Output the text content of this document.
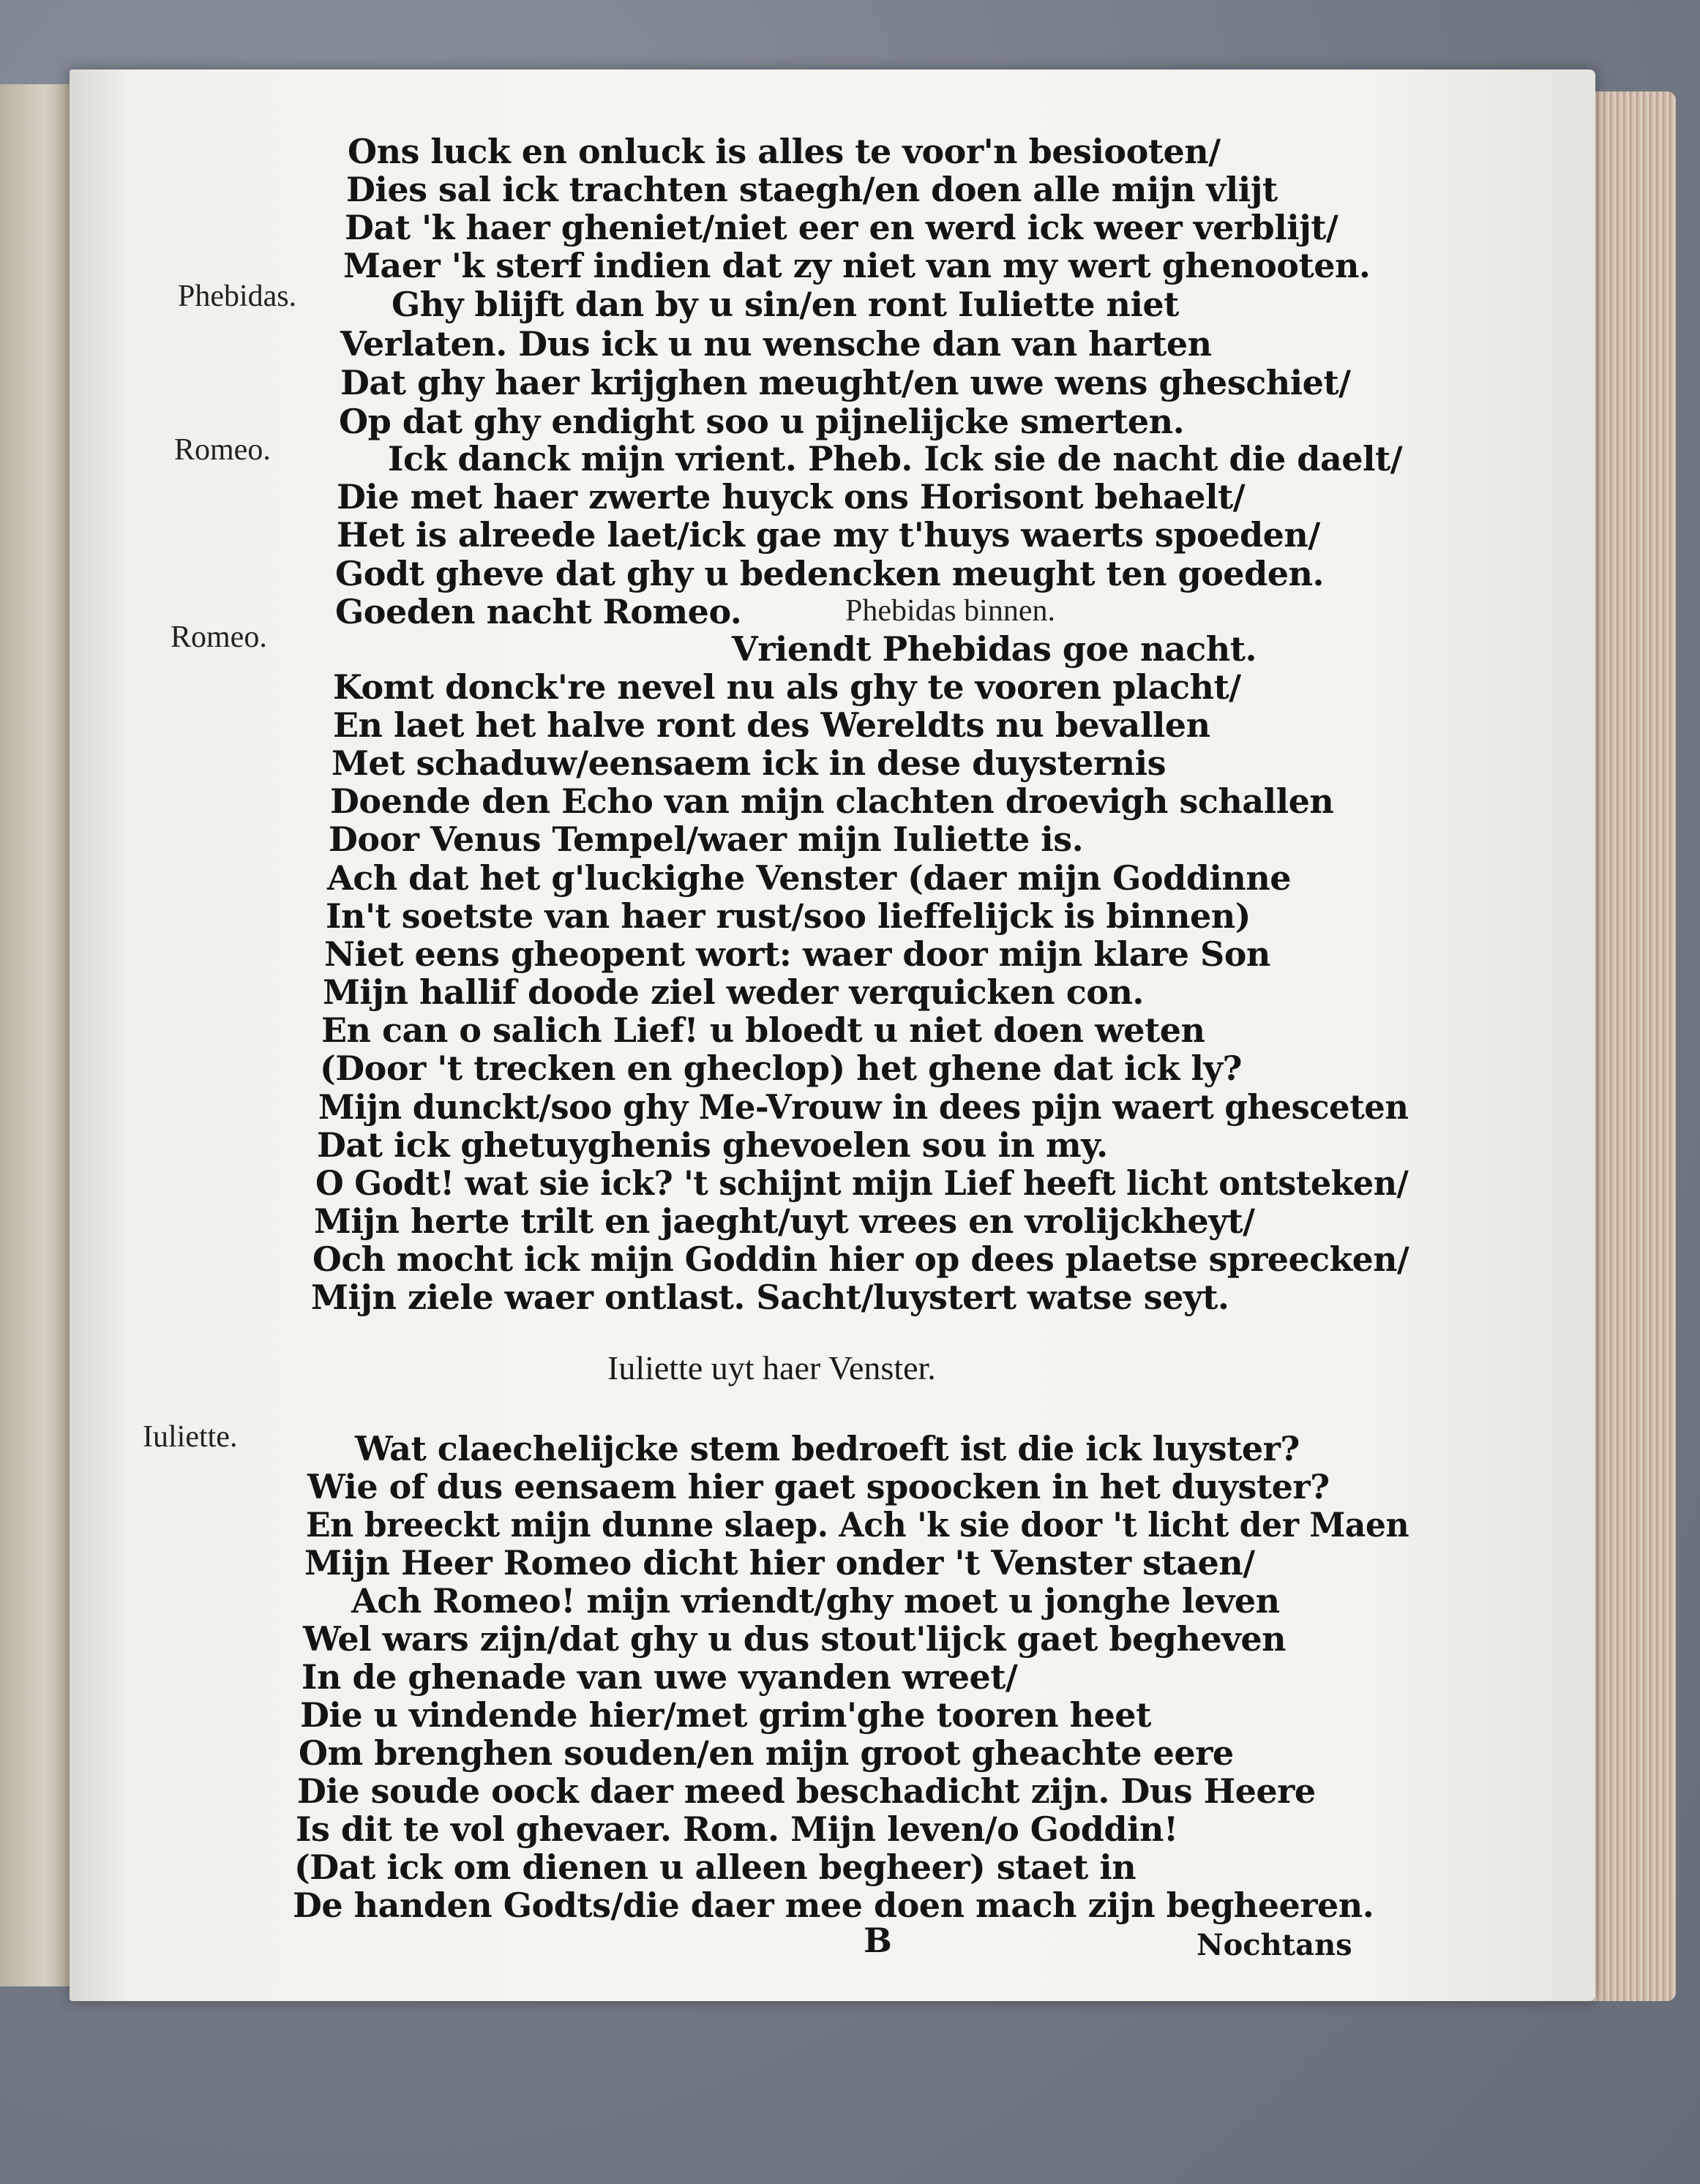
Ons luck en onluck is alles te voor'n besiooten/
Dies sal ick trachten staegh/en doen alle mijn vlijt
Dat 'k haer gheniet/niet eer en werd ick weer verblijt/
Maer 'k sterf indien dat zy niet van my wert ghenooten.
Phebidas.	Ghy blijft dan by u sin/en ront Iuliette niet
Verlaten. Dus ick u nu wensche dan van harten
Dat ghy haer krijghen meught/en uwe wens gheschiet/
Op dat ghy endight soo u pijnelijcke smerten.
Romeo.	Ick danck mijn vrient. Pheb. Ick sie de nacht die daelt/
Die met haer zwerte huyck ons Horisont behaelt/
Het is alreede laet/ick gae my t'huys waerts spoeden/
Godt gheve dat ghy u bedencken meught ten goeden.
Goeden nacht Romeo.	Phebidas binnen.
Romeo.	Vriendt Phebidas goe nacht.
Komt donck're nevel nu als ghy te vooren placht/
En laet het halve ront des Wereldts nu bevallen
Met schaduw/eensaem ick in dese duysternis
Doende den Echo van mijn clachten droevigh schallen
Door Venus Tempel/waer mijn Iuliette is.
Ach dat het g'luckighe Venster (daer mijn Goddinne
In't soetste van haer rust/soo lieffelijck is binnen)
Niet eens gheopent wort: waer door mijn klare Son
Mijn hallif doode ziel weder verquicken con.
En can o salich Lief! u bloedt u niet doen weten
(Door 't trecken en gheclop) het ghene dat ick ly?
Mijn dunckt/soo ghy Me-Vrouw in dees pijn waert ghesceten
Dat ick ghetuyghenis ghevoelen sou in my.
O Godt! wat sie ick? 't schijnt mijn Lief heeft licht ontsteken/
Mijn herte trilt en jaeght/uyt vrees en vrolijckheyt/
Och mocht ick mijn Goddin hier op dees plaetse spreecken/
Mijn ziele waer ontlast. Sacht/luystert watse seyt.
Iuliette uyt haer Venster.
Iuliette.	Wat claechelijcke stem bedroeft ist die ick luyster?
Wie of dus eensaem hier gaet spoocken in het duyster?
En breeckt mijn dunne slaep. Ach 'k sie door 't licht der Maen
Mijn Heer Romeo dicht hier onder 't Venster staen/
Ach Romeo! mijn vriendt/ghy moet u jonghe leven
Wel wars zijn/dat ghy u dus stout'lijck gaet begheven
In de ghenade van uwe vyanden wreet/
Die u vindende hier/met grim'ghe tooren heet
Om brenghen souden/en mijn groot gheachte eere
Die soude oock daer meed beschadicht zijn. Dus Heere
Is dit te vol ghevaer. Rom. Mijn leven/o Goddin!
(Dat ick om dienen u alleen begheer) staet in
De handen Godts/die daer mee doen mach zijn begheeren.
B	Nochtans
